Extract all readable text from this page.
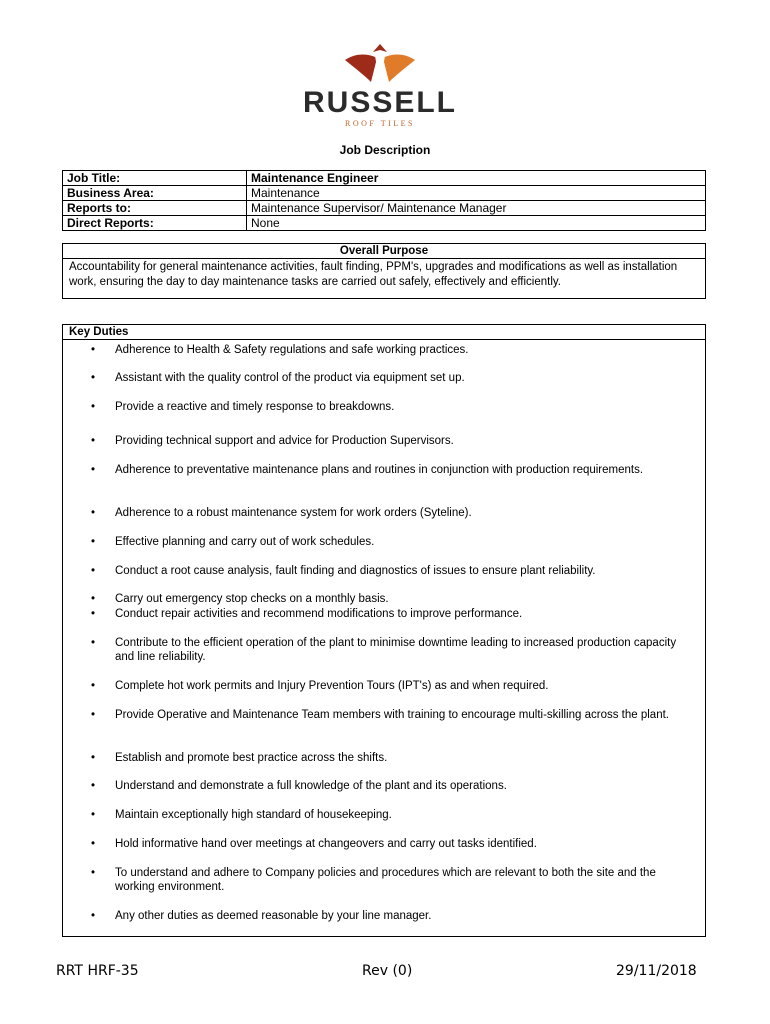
RUSSELL
ROOF TILES
Job Description
Job Title:	Maintenance Engineer
Business Area:	Maintenance
Reports to:	Maintenance Supervisor/ Maintenance Manager
Direct Reports:	None
Overall Purpose
Accountability for general maintenance activities, fault finding, PPM's, upgrades and modifications as well as installation work, ensuring the day to day maintenance tasks are carried out safely, effectively and efficiently.
Key Duties
• Adherence to Health & Safety regulations and safe working practices.
• Assistant with the quality control of the product via equipment set up.
• Provide a reactive and timely response to breakdowns.
• Providing technical support and advice for Production Supervisors.
• Adherence to preventative maintenance plans and routines in conjunction with production requirements.
• Adherence to a robust maintenance system for work orders (Syteline).
• Effective planning and carry out of work schedules.
• Conduct a root cause analysis, fault finding and diagnostics of issues to ensure plant reliability.
• Carry out emergency stop checks on a monthly basis.
• Conduct repair activities and recommend modifications to improve performance.
• Contribute to the efficient operation of the plant to minimise downtime leading to increased production capacity and line reliability.
• Complete hot work permits and Injury Prevention Tours (IPT's) as and when required.
• Provide Operative and Maintenance Team members with training to encourage multi-skilling across the plant.
• Establish and promote best practice across the shifts.
• Understand and demonstrate a full knowledge of the plant and its operations.
• Maintain exceptionally high standard of housekeeping.
• Hold informative hand over meetings at changeovers and carry out tasks identified.
• To understand and adhere to Company policies and procedures which are relevant to both the site and the working environment.
• Any other duties as deemed reasonable by your line manager.
RRT HRF-35	Rev (0)	29/11/2018
